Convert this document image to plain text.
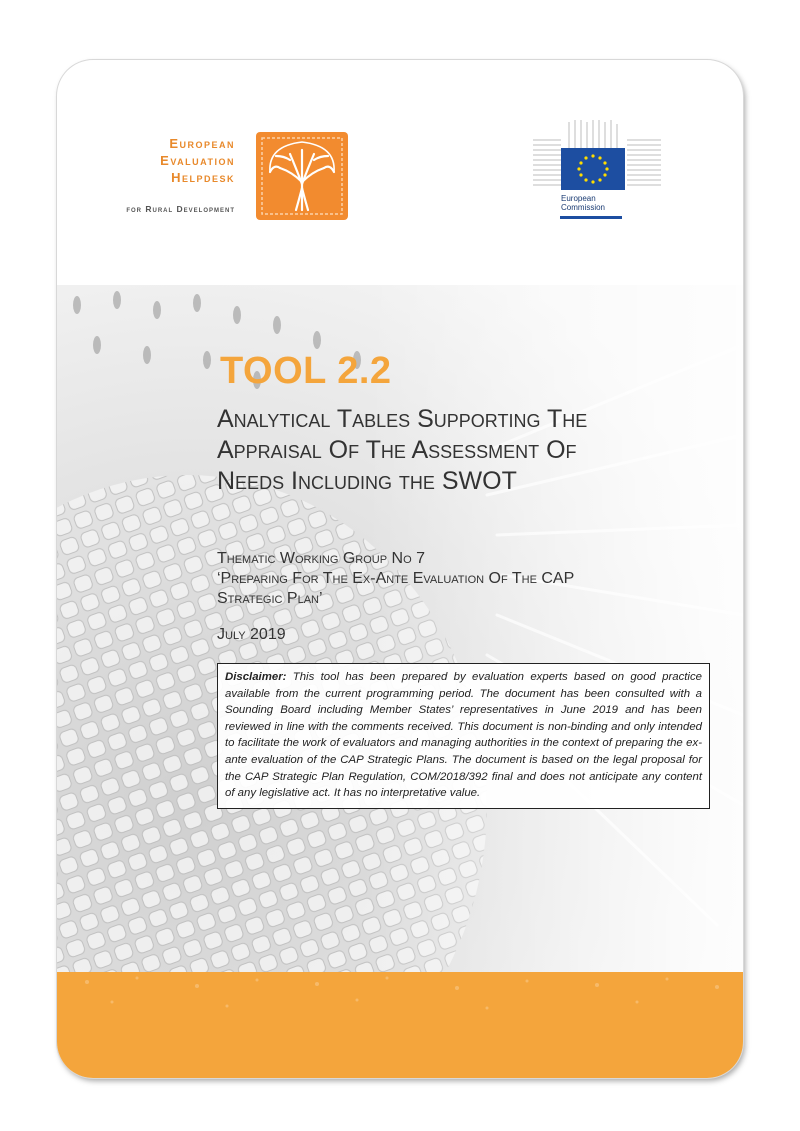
European
Evaluation
Helpdesk
for Rural Development
European
Commission
TOOL 2.2
Analytical Tables Supporting The
Appraisal Of The Assessment Of
Needs Including the SWOT
Thematic Working Group No 7
‘Preparing For The Ex-Ante Evaluation Of The CAP
Strategic Plan’
July 2019
Disclaimer: This tool has been prepared by evaluation experts based on good practice available from the current programming period. The document has been consulted with a Sounding Board including Member States’ representatives in June 2019 and has been reviewed in line with the comments received. This document is non-binding and only intended to facilitate the work of evaluators and managing authorities in the context of preparing the ex-ante evaluation of the CAP Strategic Plans. The document is based on the legal proposal for the CAP Strategic Plan Regulation, COM/2018/392 final and does not anticipate any content of any legislative act. It has no interpretative value.
